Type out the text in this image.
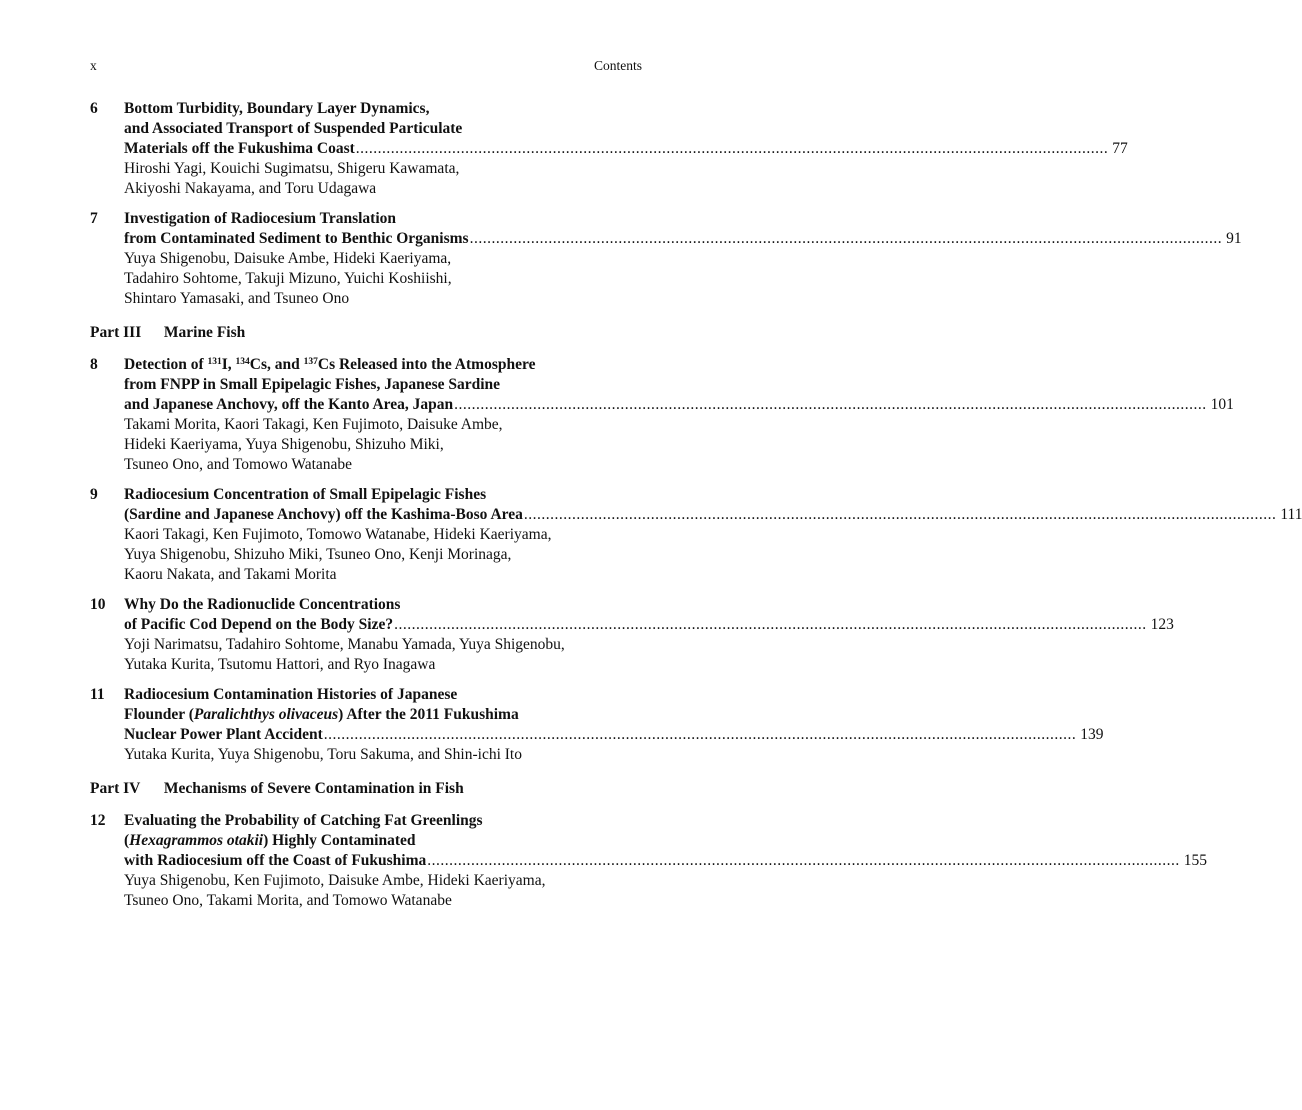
x	Contents
6 Bottom Turbidity, Boundary Layer Dynamics,
and Associated Transport of Suspended Particulate
Materials off the Fukushima Coast ............................................................................................................................................................................ 77
Hiroshi Yagi, Kouichi Sugimatsu, Shigeru Kawamata,
Akiyoshi Nakayama, and Toru Udagawa
7 Investigation of Radiocesium Translation
from Contaminated Sediment to Benthic Organisms ............................................................................................................................................................................ 91
Yuya Shigenobu, Daisuke Ambe, Hideki Kaeriyama,
Tadahiro Sohtome, Takuji Mizuno, Yuichi Koshiishi,
Shintaro Yamasaki, and Tsuneo Ono
Part III Marine Fish
8 Detection of $^{131}$I, $^{134}$Cs, and $^{137}$Cs Released into the Atmosphere
from FNPP in Small Epipelagic Fishes, Japanese Sardine
and Japanese Anchovy, off the Kanto Area, Japan ............................................................................................................................................................................ 101
Takami Morita, Kaori Takagi, Ken Fujimoto, Daisuke Ambe,
Hideki Kaeriyama, Yuya Shigenobu, Shizuho Miki,
Tsuneo Ono, and Tomowo Watanabe
9 Radiocesium Concentration of Small Epipelagic Fishes
(Sardine and Japanese Anchovy) off the Kashima-Boso Area ............................................................................................................................................................................ 111
Kaori Takagi, Ken Fujimoto, Tomowo Watanabe, Hideki Kaeriyama,
Yuya Shigenobu, Shizuho Miki, Tsuneo Ono, Kenji Morinaga,
Kaoru Nakata, and Takami Morita
10 Why Do the Radionuclide Concentrations
of Pacific Cod Depend on the Body Size? ............................................................................................................................................................................ 123
Yoji Narimatsu, Tadahiro Sohtome, Manabu Yamada, Yuya Shigenobu,
Yutaka Kurita, Tsutomu Hattori, and Ryo Inagawa
11 Radiocesium Contamination Histories of Japanese
Flounder (Paralichthys olivaceus) After the 2011 Fukushima
Nuclear Power Plant Accident ............................................................................................................................................................................ 139
Yutaka Kurita, Yuya Shigenobu, Toru Sakuma, and Shin-ichi Ito
Part IV Mechanisms of Severe Contamination in Fish
12 Evaluating the Probability of Catching Fat Greenlings
(Hexagrammos otakii) Highly Contaminated
with Radiocesium off the Coast of Fukushima ............................................................................................................................................................................ 155
Yuya Shigenobu, Ken Fujimoto, Daisuke Ambe, Hideki Kaeriyama,
Tsuneo Ono, Takami Morita, and Tomowo Watanabe
